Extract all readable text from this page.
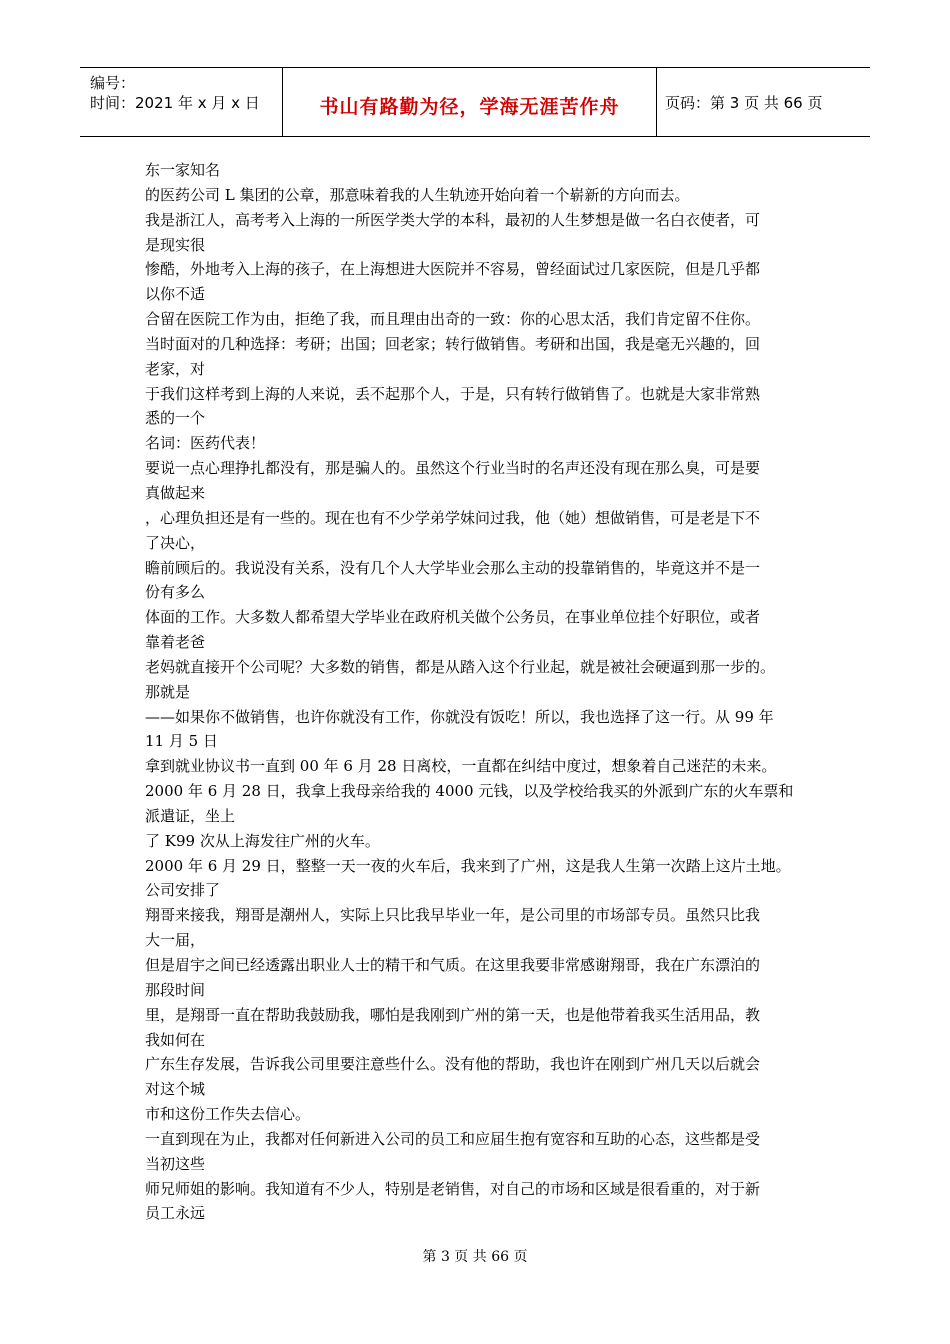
编号：
时间：2021 年 x 月 x 日	书山有路勤为径，学海无涯苦作舟	页码：第 3 页 共 66 页
东一家知名
的医药公司 L 集团的公章，那意味着我的人生轨迹开始向着一个崭新的方向而去。
我是浙江人，高考考入上海的一所医学类大学的本科，最初的人生梦想是做一名白衣使者，可
是现实很
惨酷，外地考入上海的孩子，在上海想进大医院并不容易，曾经面试过几家医院，但是几乎都
以你不适
合留在医院工作为由，拒绝了我，而且理由出奇的一致：你的心思太活，我们肯定留不住你。
当时面对的几种选择：考研；出国；回老家；转行做销售。考研和出国，我是毫无兴趣的，回
老家，对
于我们这样考到上海的人来说，丢不起那个人，于是，只有转行做销售了。也就是大家非常熟
悉的一个
名词：医药代表！
要说一点心理挣扎都没有，那是骗人的。虽然这个行业当时的名声还没有现在那么臭，可是要
真做起来
，心理负担还是有一些的。现在也有不少学弟学妹问过我，他（她）想做销售，可是老是下不
了决心，
瞻前顾后的。我说没有关系，没有几个人大学毕业会那么主动的投靠销售的，毕竟这并不是一
份有多么
体面的工作。大多数人都希望大学毕业在政府机关做个公务员，在事业单位挂个好职位，或者
靠着老爸
老妈就直接开个公司呢？大多数的销售，都是从踏入这个行业起，就是被社会硬逼到那一步的。
那就是
——如果你不做销售，也许你就没有工作，你就没有饭吃！所以，我也选择了这一行。从 99 年
11 月 5 日
拿到就业协议书一直到 00 年 6 月 28 日离校，一直都在纠结中度过，想象着自己迷茫的未来。
2000 年 6 月 28 日，我拿上我母亲给我的 4000 元钱，以及学校给我买的外派到广东的火车票和
派遣证，坐上
了 K99 次从上海发往广州的火车。
2000 年 6 月 29 日，整整一天一夜的火车后，我来到了广州，这是我人生第一次踏上这片土地。
公司安排了
翔哥来接我，翔哥是潮州人，实际上只比我早毕业一年，是公司里的市场部专员。虽然只比我
大一届，
但是眉宇之间已经透露出职业人士的精干和气质。在这里我要非常感谢翔哥，我在广东漂泊的
那段时间
里，是翔哥一直在帮助我鼓励我，哪怕是我刚到广州的第一天，也是他带着我买生活用品，教
我如何在
广东生存发展，告诉我公司里要注意些什么。没有他的帮助，我也许在刚到广州几天以后就会
对这个城
市和这份工作失去信心。
一直到现在为止，我都对任何新进入公司的员工和应届生抱有宽容和互助的心态，这些都是受
当初这些
师兄师姐的影响。我知道有不少人，特别是老销售，对自己的市场和区域是很看重的，对于新
员工永远
第 3 页 共 66 页
